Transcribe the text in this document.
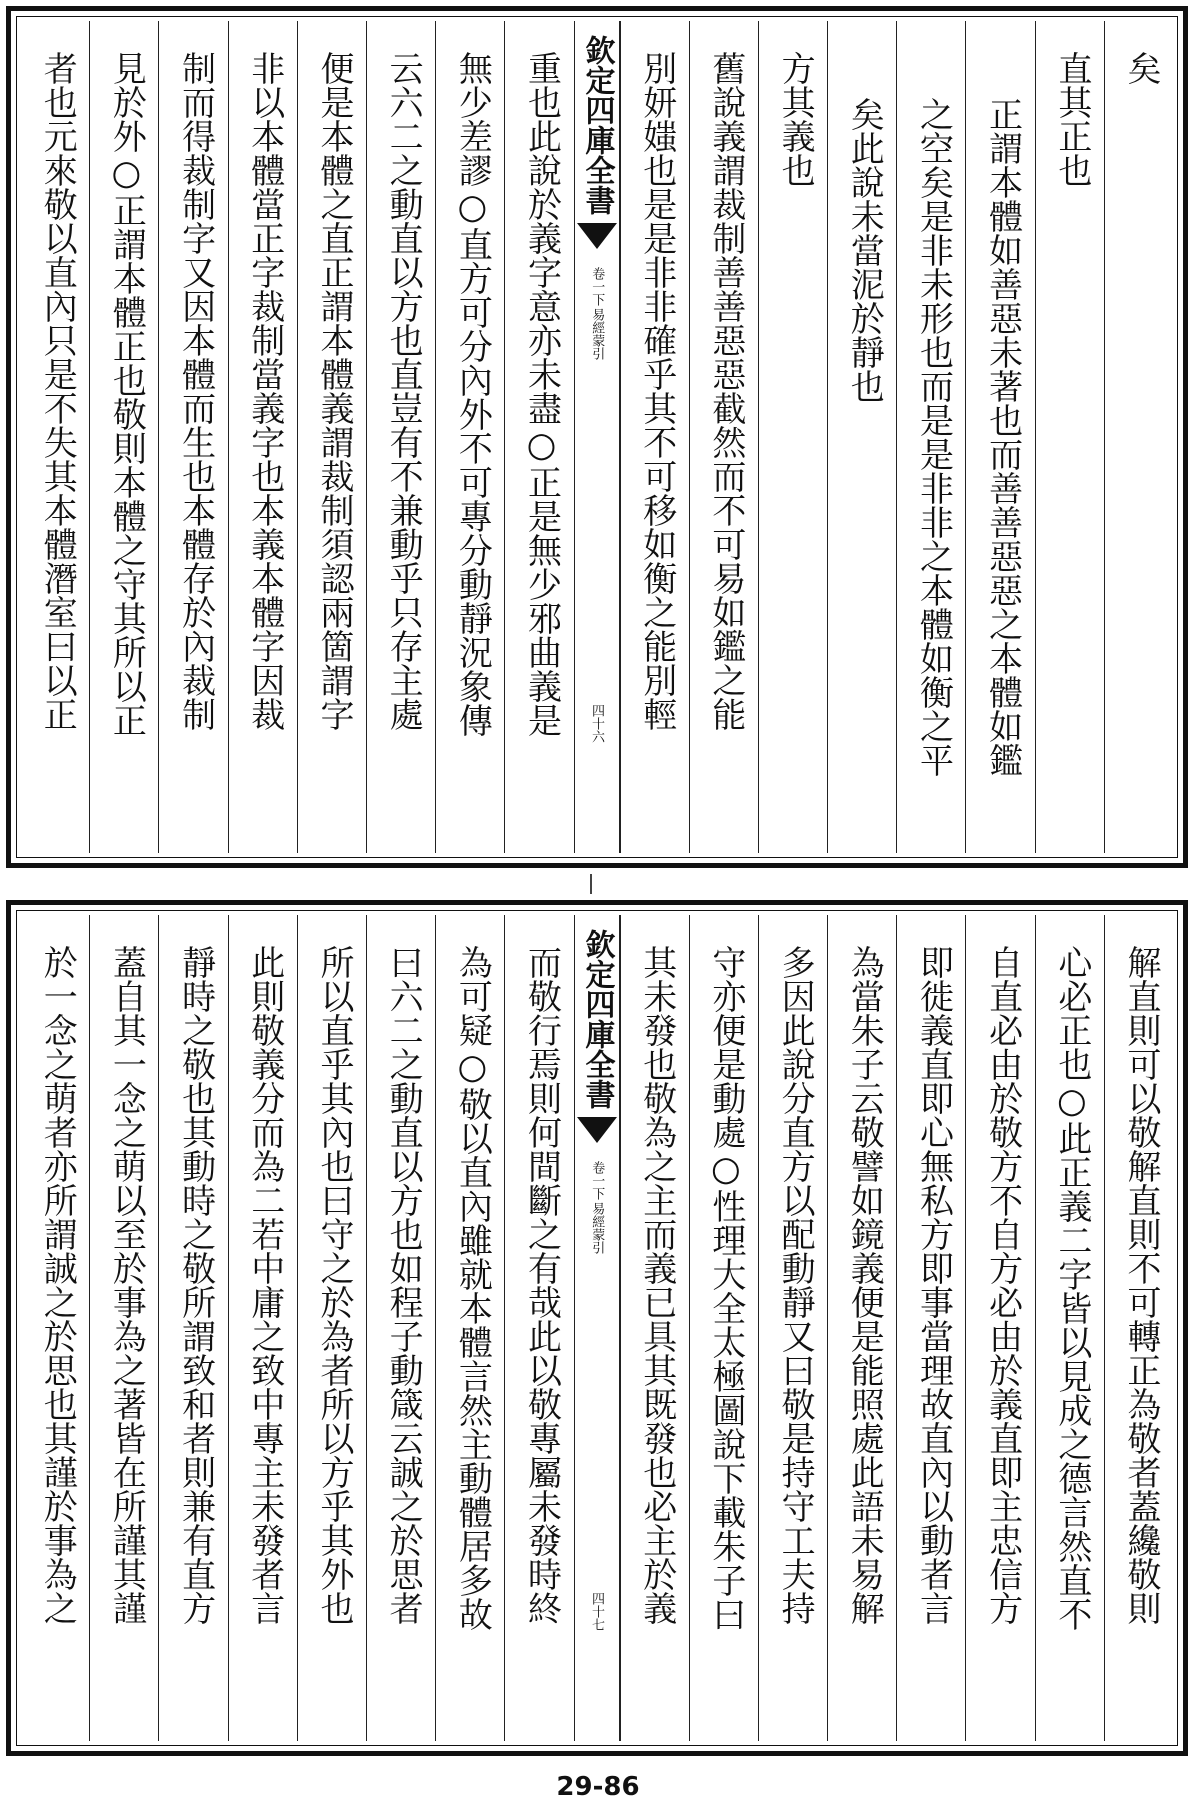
矣
直其正也
正謂本體如善惡未著也而善善惡惡之本體如鑑
之空矣是非未形也而是是非非之本體如衡之平
矣此說未當泥於靜也
方其義也
舊說義謂裁制善善惡惡截然而不可易如鑑之能
別妍媸也是是非非確乎其不可移如衡之能別輕
欽定四庫全書
易經蒙引
卷一下
四十六
重也此說於義字意亦未盡○正是無少邪曲義是
無少差謬○直方可分內外不可專分動靜況象傳
云六二之動直以方也直豈有不兼動乎只存主處
便是本體之直正謂本體義謂裁制須認兩箇謂字
非以本體當正字裁制當義字也本義本體字因裁
制而得裁制字又因本體而生也本體存於內裁制
見於外○正謂本體正也敬則本體之守其所以正
者也元來敬以直內只是不失其本體潛室曰以正
解直則可以敬解直則不可轉正為敬者蓋纔敬則
心必正也○此正義二字皆以見成之德言然直不
自直必由於敬方不自方必由於義直即主忠信方
即徙義直即心無私方即事當理故直內以動者言
為當朱子云敬譬如鏡義便是能照處此語未易解
多因此說分直方以配動靜又曰敬是持守工夫持
守亦便是動處○性理大全太極圖說下載朱子曰
其未發也敬為之主而義已具其既發也必主於義
欽定四庫全書
易經蒙引
卷一下
四十七
而敬行焉則何間斷之有哉此以敬專屬未發時終
為可疑○敬以直內雖就本體言然主動體居多故
曰六二之動直以方也如程子動箴云誠之於思者
所以直乎其內也曰守之於為者所以方乎其外也
此則敬義分而為二若中庸之致中專主未發者言
靜時之敬也其動時之敬所謂致和者則兼有直方
蓋自其一念之萌以至於事為之著皆在所謹其謹
於一念之萌者亦所謂誠之於思也其謹於事為之
29-86
